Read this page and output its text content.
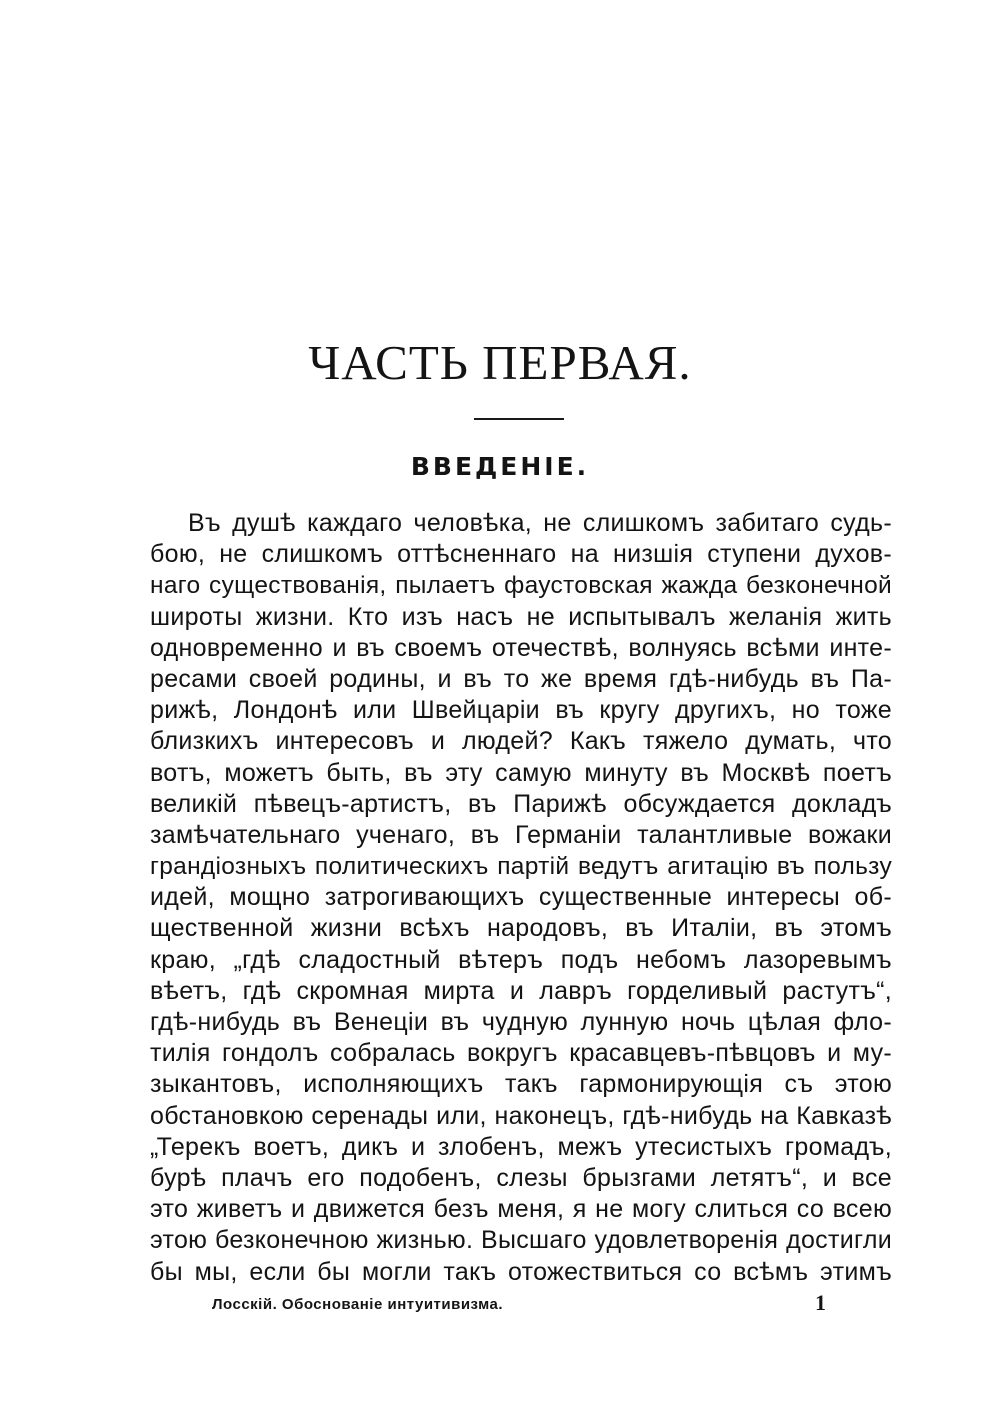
ЧАСТЬ ПЕРВАЯ.
ВВЕДЕНІЕ.
Въ душѣ каждаго человѣка, не слишкомъ забитаго судь-
бою, не слишкомъ оттѣсненнаго на низшія ступени духов-
наго существованія, пылаетъ фаустовская жажда безконечной
широты жизни. Кто изъ насъ не испытывалъ желанія жить
одновременно и въ своемъ отечествѣ, волнуясь всѣми инте-
ресами своей родины, и въ то же время гдѣ-нибудь въ Па-
рижѣ, Лондонѣ или Швейцаріи въ кругу другихъ, но тоже
близкихъ интересовъ и людей? Какъ тяжело думать, что
вотъ, можетъ быть, въ эту самую минуту въ Москвѣ поетъ
великій пѣвецъ-артистъ, въ Парижѣ обсуждается докладъ
замѣчательнаго ученаго, въ Германіи талантливые вожаки
грандіозныхъ политическихъ партій ведутъ агитацію въ пользу
идей, мощно затрогивающихъ существенные интересы об-
щественной жизни всѣхъ народовъ, въ Италіи, въ этомъ
краю, „гдѣ сладостный вѣтеръ подъ небомъ лазоревымъ
вѣетъ, гдѣ скромная мирта и лавръ горделивый растутъ“,
гдѣ-нибудь въ Венеціи въ чудную лунную ночь цѣлая фло-
тилія гондолъ собралась вокругъ красавцевъ-пѣвцовъ и му-
зыкантовъ, исполняющихъ такъ гармонирующія съ этою
обстановкою серенады или, наконецъ, гдѣ-нибудь на Кавказѣ
„Терекъ воетъ, дикъ и злобенъ, межъ утесистыхъ громадъ,
бурѣ плачъ его подобенъ, слезы брызгами летятъ“, и все
это живетъ и движется безъ меня, я не могу слиться со всею
этою безконечною жизнью. Высшаго удовлетворенія достигли
бы мы, если бы могли такъ отожествиться со всѣмъ этимъ
Лосскій. Обоснованіе интуитивизма.	1
